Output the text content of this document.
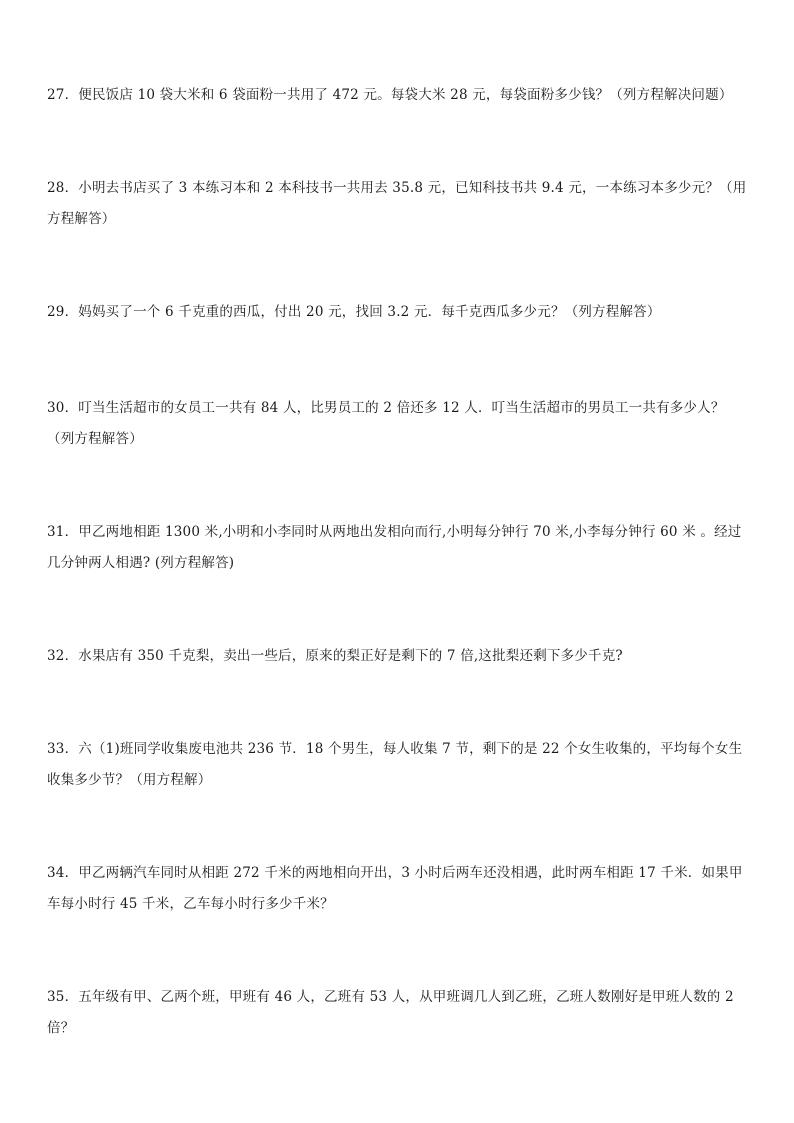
27．便民饭店 10 袋大米和 6 袋面粉一共用了 472 元。每袋大米 28 元，每袋面粉多少钱？（列方程解决问题）

28．小明去书店买了 3 本练习本和 2 本科技书一共用去 35.8 元，已知科技书共 9.4 元，一本练习本多少元？（用方程解答）

29．妈妈买了一个 6 千克重的西瓜，付出 20 元，找回 3.2 元．每千克西瓜多少元？（列方程解答）

30．叮当生活超市的女员工一共有 84 人，比男员工的 2 倍还多 12 人．叮当生活超市的男员工一共有多少人？（列方程解答）

31．甲乙两地相距 1300 米,小明和小李同时从两地出发相向而行,小明每分钟行 70 米,小李每分钟行 60 米 。经过几分钟两人相遇? (列方程解答)

32．水果店有 350 千克梨，卖出一些后，原来的梨正好是剩下的 7 倍,这批梨还剩下多少千克?

33．六（1)班同学收集废电池共 236 节．18 个男生，每人收集 7 节，剩下的是 22 个女生收集的，平均每个女生收集多少节？（用方程解）

34．甲乙两辆汽车同时从相距 272 千米的两地相向开出，3 小时后两车还没相遇，此时两车相距 17 千米．如果甲车每小时行 45 千米，乙车每小时行多少千米？

35．五年级有甲、乙两个班，甲班有 46 人，乙班有 53 人，从甲班调几人到乙班，乙班人数刚好是甲班人数的 2 倍？
